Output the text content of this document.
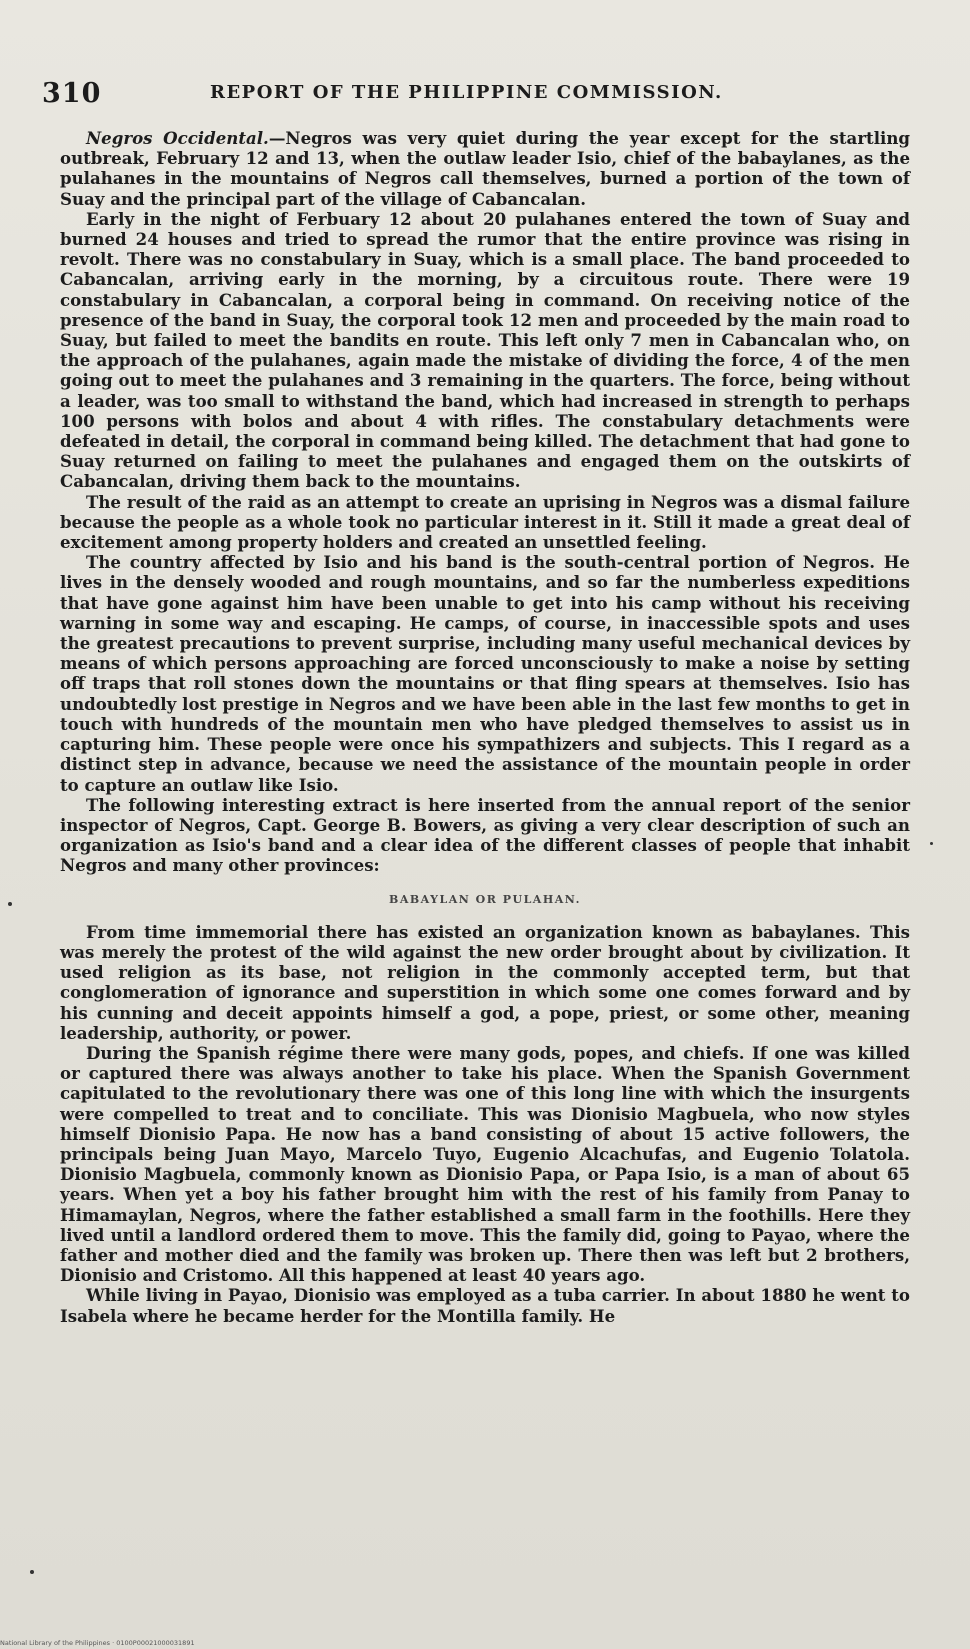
310	REPORT OF THE PHILIPPINE COMMISSION.

Negros Occidental.—Negros was very quiet during the year except for the startling outbreak, February 12 and 13, when the outlaw leader Isio, chief of the babaylanes, as the pulahanes in the mountains of Negros call themselves, burned a portion of the town of Suay and the principal part of the village of Cabancalan.

Early in the night of Ferbuary 12 about 20 pulahanes entered the town of Suay and burned 24 houses and tried to spread the rumor that the entire province was rising in revolt. There was no constabulary in Suay, which is a small place. The band proceeded to Cabancalan, arriving early in the morning, by a circuitous route. There were 19 constabulary in Cabancalan, a corporal being in command. On receiving notice of the presence of the band in Suay, the corporal took 12 men and proceeded by the main road to Suay, but failed to meet the bandits en route. This left only 7 men in Cabancalan who, on the approach of the pulahanes, again made the mistake of dividing the force, 4 of the men going out to meet the pulahanes and 3 remaining in the quarters. The force, being without a leader, was too small to withstand the band, which had increased in strength to perhaps 100 persons with bolos and about 4 with rifles. The constabulary detachments were defeated in detail, the corporal in command being killed. The detachment that had gone to Suay returned on failing to meet the pulahanes and engaged them on the outskirts of Cabancalan, driving them back to the mountains.

The result of the raid as an attempt to create an uprising in Negros was a dismal failure because the people as a whole took no particular interest in it. Still it made a great deal of excitement among property holders and created an unsettled feeling.

The country affected by Isio and his band is the south-central portion of Negros. He lives in the densely wooded and rough mountains, and so far the numberless expeditions that have gone against him have been unable to get into his camp without his receiving warning in some way and escaping. He camps, of course, in inaccessible spots and uses the greatest precautions to prevent surprise, including many useful mechanical devices by means of which persons approaching are forced unconsciously to make a noise by setting off traps that roll stones down the mountains or that fling spears at themselves. Isio has undoubtedly lost prestige in Negros and we have been able in the last few months to get in touch with hundreds of the mountain men who have pledged themselves to assist us in capturing him. These people were once his sympathizers and subjects. This I regard as a distinct step in advance, because we need the assistance of the mountain people in order to capture an outlaw like Isio.

The following interesting extract is here inserted from the annual report of the senior inspector of Negros, Capt. George B. Bowers, as giving a very clear description of such an organization as Isio's band and a clear idea of the different classes of people that inhabit Negros and many other provinces:

BABAYLAN OR PULAHAN.

From time immemorial there has existed an organization known as babaylanes. This was merely the protest of the wild against the new order brought about by civilization. It used religion as its base, not religion in the commonly accepted term, but that conglomeration of ignorance and superstition in which some one comes forward and by his cunning and deceit appoints himself a god, a pope, priest, or some other, meaning leadership, authority, or power.

During the Spanish régime there were many gods, popes, and chiefs. If one was killed or captured there was always another to take his place. When the Spanish Government capitulated to the revolutionary there was one of this long line with which the insurgents were compelled to treat and to conciliate. This was Dionisio Magbuela, who now styles himself Dionisio Papa. He now has a band consisting of about 15 active followers, the principals being Juan Mayo, Marcelo Tuyo, Eugenio Alcachufas, and Eugenio Tolatola. Dionisio Magbuela, commonly known as Dionisio Papa, or Papa Isio, is a man of about 65 years. When yet a boy his father brought him with the rest of his family from Panay to Himamaylan, Negros, where the father established a small farm in the foothills. Here they lived until a landlord ordered them to move. This the family did, going to Payao, where the father and mother died and the family was broken up. There then was left but 2 brothers, Dionisio and Cristomo. All this happened at least 40 years ago.

While living in Payao, Dionisio was employed as a tuba carrier. In about 1880 he went to Isabela where he became herder for the Montilla family. He

National Library of the Philippines · 0100P00021000031891
